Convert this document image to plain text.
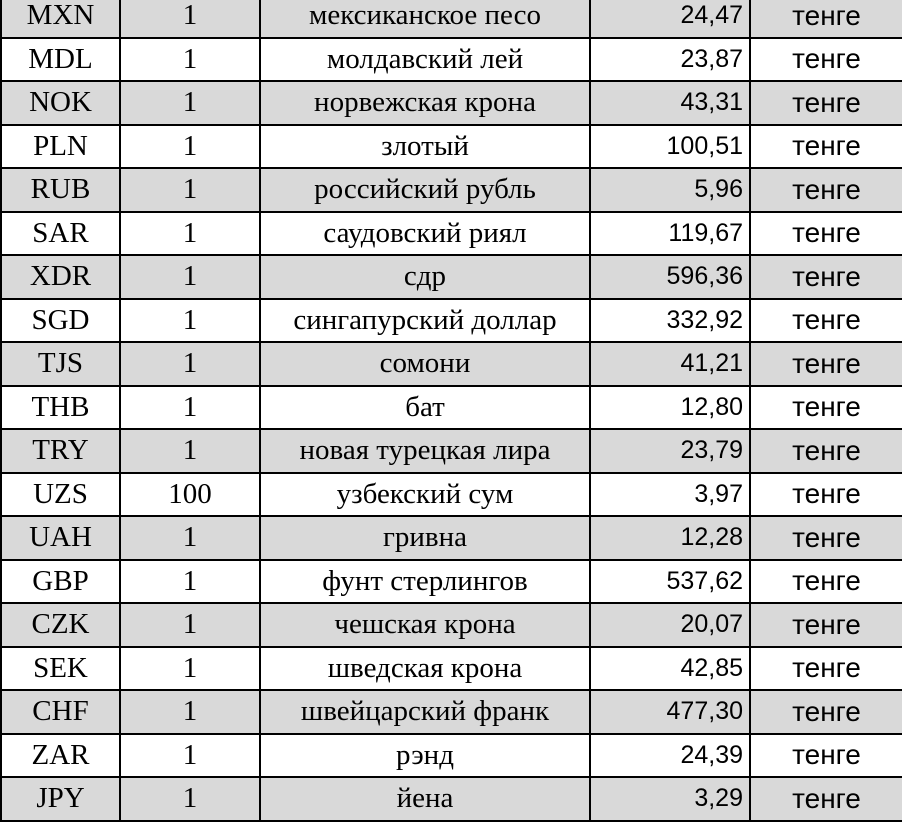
MXN	1	мексиканское песо	24,47	тенге
MDL	1	молдавский лей	23,87	тенге
NOK	1	норвежская крона	43,31	тенге
PLN	1	злотый	100,51	тенге
RUB	1	российский рубль	5,96	тенге
SAR	1	саудовский риял	119,67	тенге
XDR	1	сдр	596,36	тенге
SGD	1	сингапурский доллар	332,92	тенге
TJS	1	сомони	41,21	тенге
THB	1	бат	12,80	тенге
TRY	1	новая турецкая лира	23,79	тенге
UZS	100	узбекский сум	3,97	тенге
UAH	1	гривна	12,28	тенге
GBP	1	фунт стерлингов	537,62	тенге
CZK	1	чешская крона	20,07	тенге
SEK	1	шведская крона	42,85	тенге
CHF	1	швейцарский франк	477,30	тенге
ZAR	1	рэнд	24,39	тенге
JPY	1	йена	3,29	тенге
